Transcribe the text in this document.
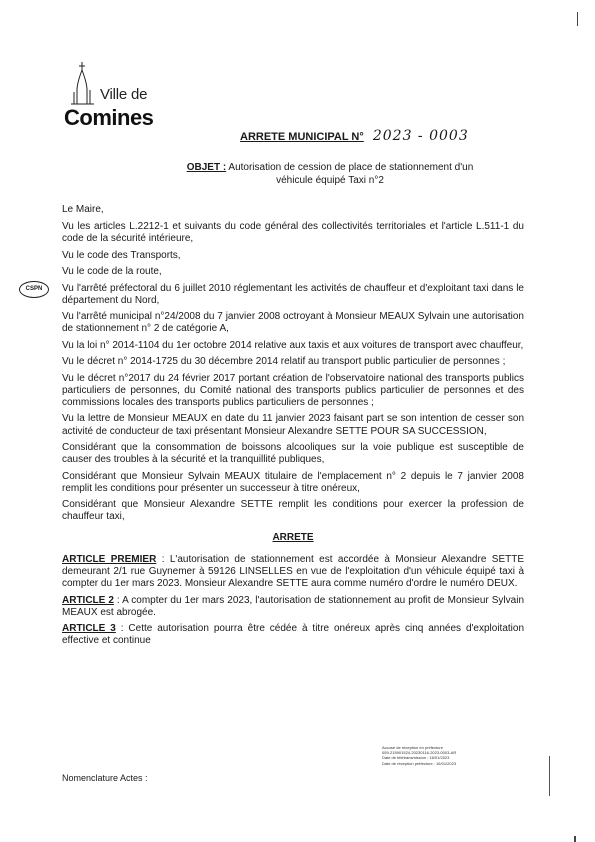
Ville de
Comines
ARRETE MUNICIPAL N° 2023 - 0003
OBJET : Autorisation de cession de place de stationnement d'un véhicule équipé Taxi n°2
CSPN

Le Maire,

Vu les articles L.2212-1 et suivants du code général des collectivités territoriales et l'article L.511-1 du code de la sécurité intérieure,

Vu le code des Transports,

Vu le code de la route,

Vu l'arrêté préfectoral du 6 juillet 2010 réglementant les activités de chauffeur et d'exploitant taxi dans le département du Nord,

Vu l'arrêté municipal n°24/2008 du 7 janvier 2008 octroyant à Monsieur MEAUX Sylvain une autorisation de stationnement n° 2 de catégorie A,

Vu la loi n° 2014-1104 du 1er octobre 2014 relative aux taxis et aux voitures de transport avec chauffeur,

Vu le décret n° 2014-1725 du 30 décembre 2014 relatif au transport public particulier de personnes ;

Vu le décret n°2017 du 24 février 2017 portant création de l'observatoire national des transports publics particuliers de personnes, du Comité national des transports publics particulier de personnes et des commissions locales des transports publics particuliers de personnes ;

Vu la lettre de Monsieur MEAUX en date du 11 janvier 2023 faisant part se son intention de cesser son activité de conducteur de taxi présentant Monsieur Alexandre SETTE POUR SA SUCCESSION,

Considérant que la consommation de boissons alcooliques sur la voie publique est susceptible de causer des troubles à la sécurité et la tranquillité publiques,

Considérant que Monsieur Sylvain MEAUX titulaire de l'emplacement n° 2 depuis le 7 janvier 2008 remplit les conditions pour présenter un successeur à titre onéreux,

Considérant que Monsieur Alexandre SETTE remplit les conditions pour exercer la profession de chauffeur taxi,

ARRETE

ARTICLE PREMIER : L'autorisation de stationnement est accordée à Monsieur Alexandre SETTE demeurant 2/1 rue Guynemer à 59126 LINSELLES en vue de l'exploitation d'un véhicule équipé taxi à compter du 1er mars 2023. Monsieur Alexandre SETTE aura comme numéro d'ordre le numéro DEUX.

ARTICLE 2 : A compter du 1er mars 2023, l'autorisation de stationnement au profit de Monsieur Sylvain MEAUX est abrogée.

ARTICLE 3 : Cette autorisation pourra être cédée à titre onéreux après cinq années d'exploitation effective et continue

Accusé de réception en préfecture
059-215901524-20230116-2023-0003-AR
Date de télétransmission : 16/01/2023
Date de réception préfecture : 16/01/2023
Nomenclature Actes :
